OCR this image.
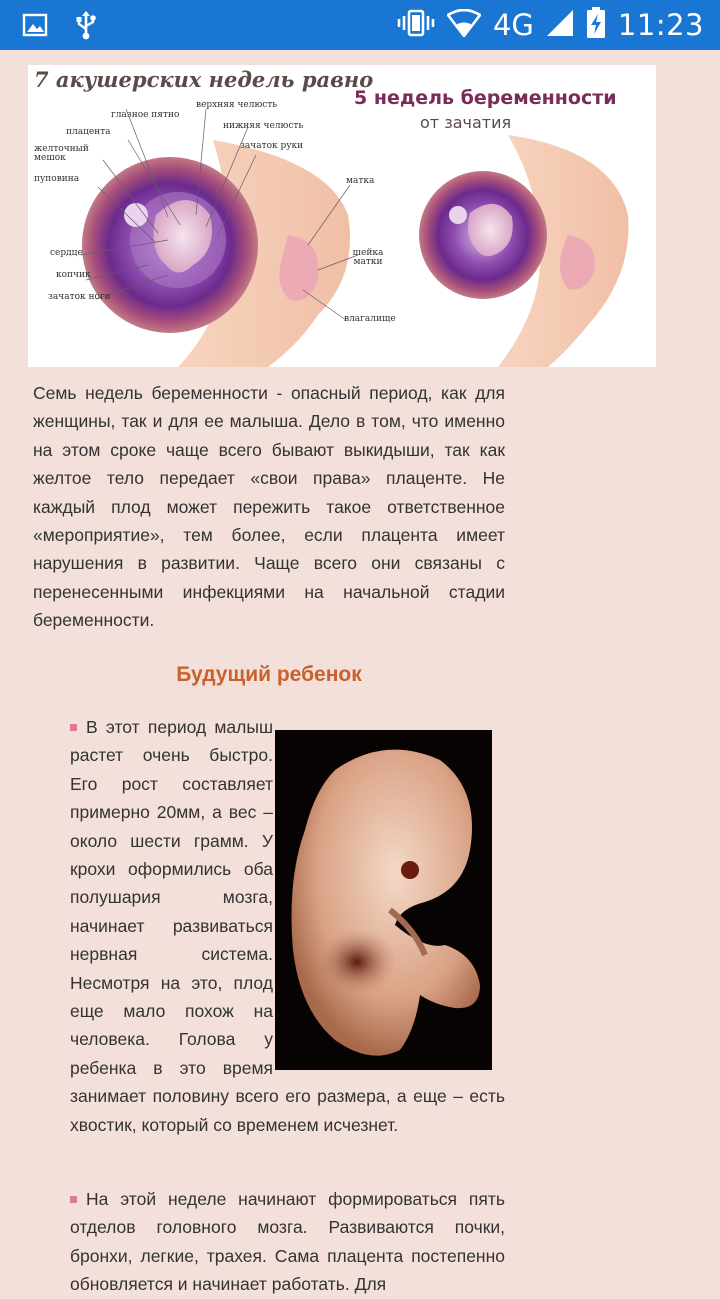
4G	11:23
7 акушерских недель равно
5 недель беременности
от зачатия
глазное пятно
верхняя челюсть
нижняя челюсть
плацента
желточный мешок
зачаток руки
пуповина	матка
сердце	шейка матки
копчик
зачаток ноги
влагалище
Семь недель беременности - опасный период, как для женщины, так и для ее малыша. Дело в том, что именно на этом сроке чаще всего бывают выкидыши, так как желтое тело передает «свои права» плаценте. Не каждый плод может пережить такое ответственное «мероприятие», тем более, если плацента имеет нарушения в развитии. Чаще всего они связаны с перенесенными инфекциями на начальной стадии беременности.
Будущий ребенок
В этот период малыш растет очень быстро. Его рост составляет примерно 20мм, а вес – около шести грамм. У крохи оформились оба полушария мозга, начинает развиваться нервная система. Несмотря на это, плод еще мало похож на человека. Голова у ребенка в это время занимает половину всего его размера, а еще – есть хвостик, который со временем исчезнет.
На этой неделе начинают формироваться пять отделов головного мозга. Развиваются почки, бронхи, легкие, трахея. Сама плацента постепенно обновляется и начинает работать. Для
